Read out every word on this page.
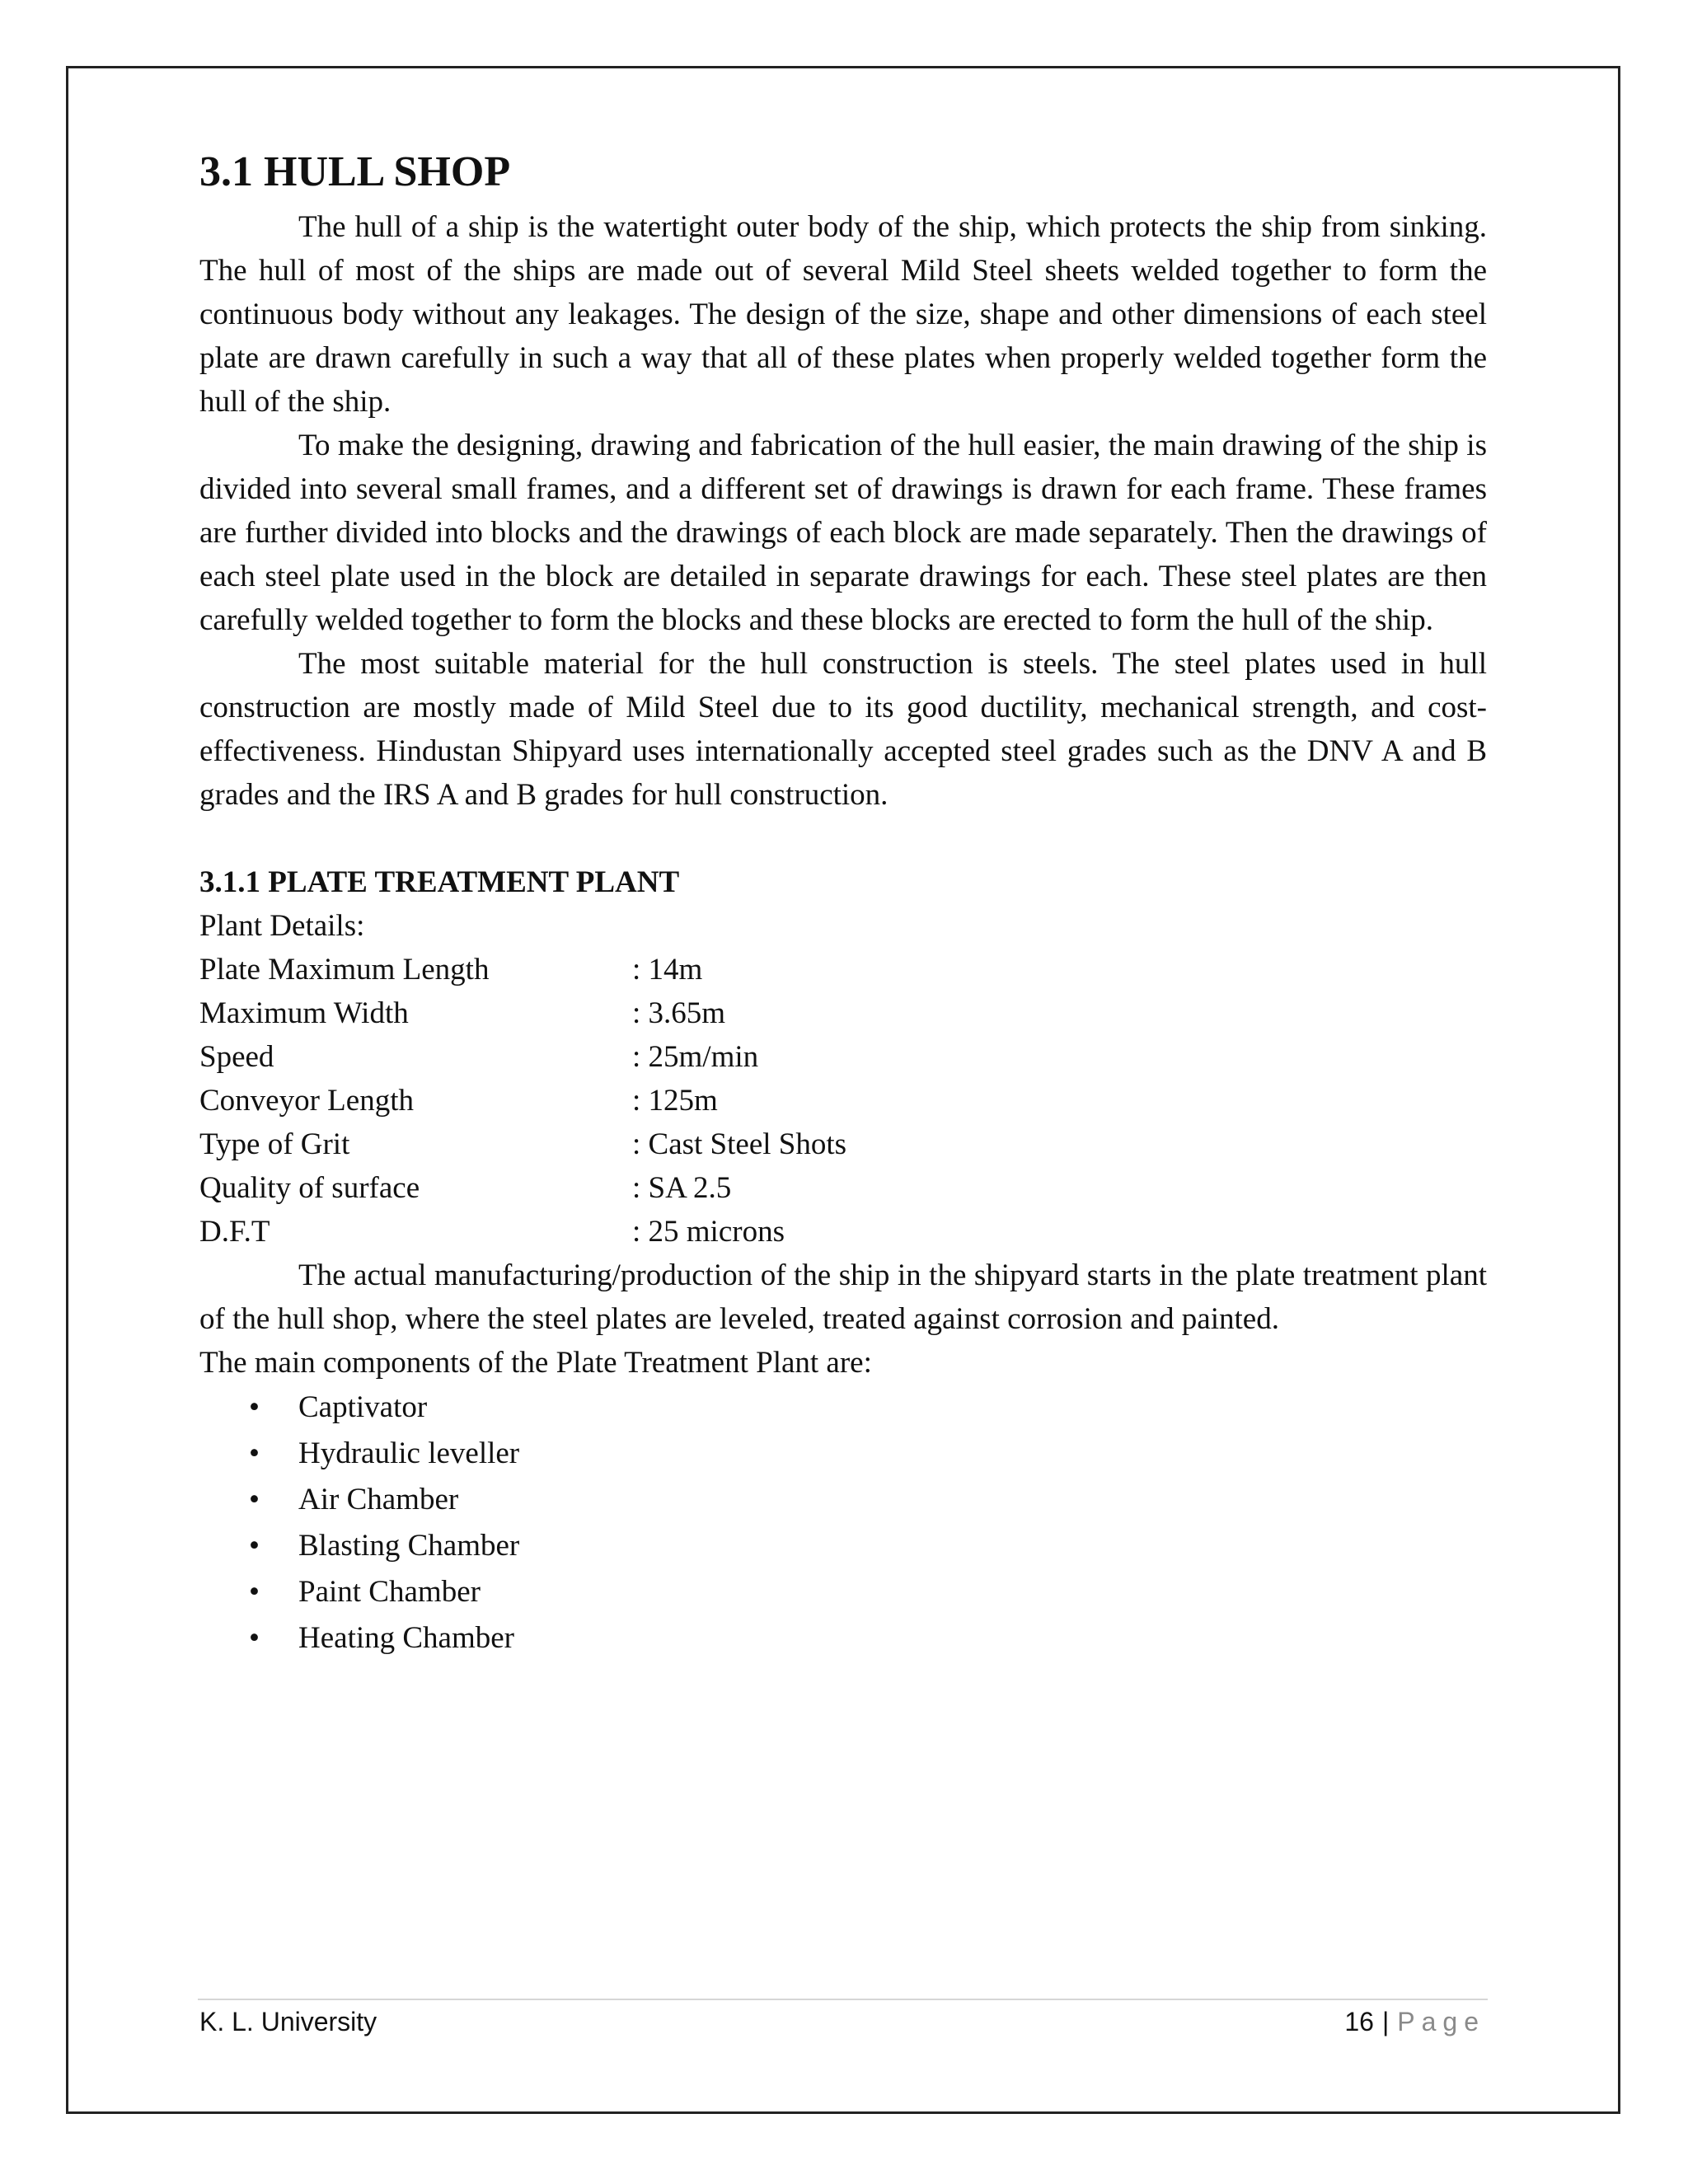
3.1 HULL SHOP

The hull of a ship is the watertight outer body of the ship, which protects the ship from sinking. The hull of most of the ships are made out of several Mild Steel sheets welded together to form the continuous body without any leakages. The design of the size, shape and other dimensions of each steel plate are drawn carefully in such a way that all of these plates when properly welded together form the hull of the ship.

To make the designing, drawing and fabrication of the hull easier, the main drawing of the ship is divided into several small frames, and a different set of drawings is drawn for each frame. These frames are further divided into blocks and the drawings of each block are made separately. Then the drawings of each steel plate used in the block are detailed in separate drawings for each. These steel plates are then carefully welded together to form the blocks and these blocks are erected to form the hull of the ship.

The most suitable material for the hull construction is steels. The steel plates used in hull construction are mostly made of Mild Steel due to its good ductility, mechanical strength, and cost-effectiveness. Hindustan Shipyard uses internationally accepted steel grades such as the DNV A and B grades and the IRS A and B grades for hull construction.

3.1.1 PLATE TREATMENT PLANT

Plant Details:

Plate Maximum Length	: 14m
Maximum Width	: 3.65m
Speed	: 25m/min
Conveyor Length	: 125m
Type of Grit	: Cast Steel Shots
Quality of surface	: SA 2.5
D.F.T	: 25 microns

The actual manufacturing/production of the ship in the shipyard starts in the plate treatment plant of the hull shop, where the steel plates are leveled, treated against corrosion and painted.

The main components of the Plate Treatment Plant are:

• Captivator
• Hydraulic leveller
• Air Chamber
• Blasting Chamber
• Paint Chamber
• Heating Chamber
K. L. University	16 | Page
